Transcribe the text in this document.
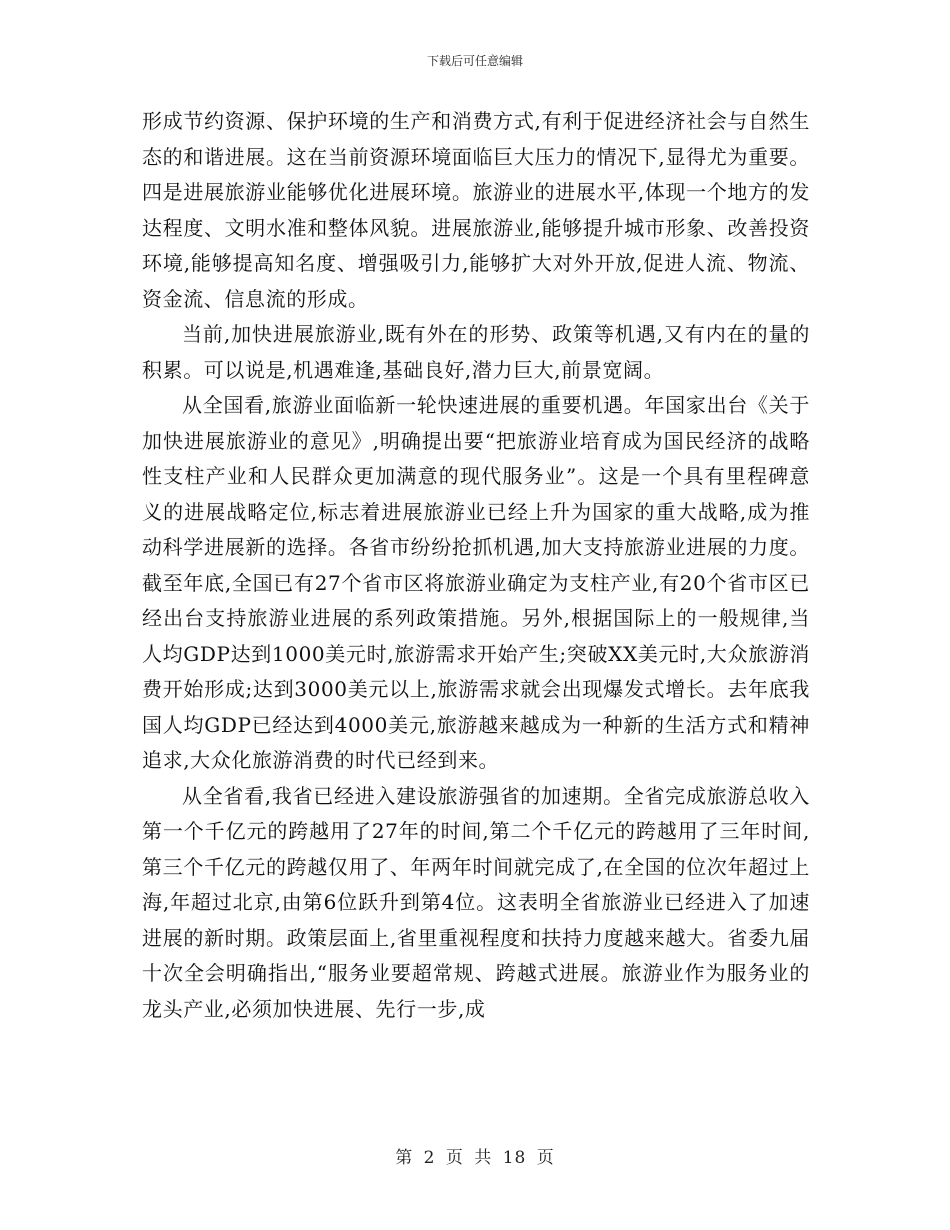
下载后可任意编辑

形成节约资源、保护环境的生产和消费方式,有利于促进经济社会与自然生态的和谐进展。这在当前资源环境面临巨大压力的情况下,显得尤为重要。四是进展旅游业能够优化进展环境。旅游业的进展水平,体现一个地方的发达程度、文明水准和整体风貌。进展旅游业,能够提升城市形象、改善投资环境,能够提高知名度、增强吸引力,能够扩大对外开放,促进人流、物流、资金流、信息流的形成。

当前,加快进展旅游业,既有外在的形势、政策等机遇,又有内在的量的积累。可以说是,机遇难逢,基础良好,潜力巨大,前景宽阔。

从全国看,旅游业面临新一轮快速进展的重要机遇。年国家出台《关于加快进展旅游业的意见》,明确提出要“把旅游业培育成为国民经济的战略性支柱产业和人民群众更加满意的现代服务业”。这是一个具有里程碑意义的进展战略定位,标志着进展旅游业已经上升为国家的重大战略,成为推动科学进展新的选择。各省市纷纷抢抓机遇,加大支持旅游业进展的力度。截至年底,全国已有27个省市区将旅游业确定为支柱产业,有20个省市区已经出台支持旅游业进展的系列政策措施。另外,根据国际上的一般规律,当人均GDP达到1000美元时,旅游需求开始产生;突破XX美元时,大众旅游消费开始形成;达到3000美元以上,旅游需求就会出现爆发式增长。去年底我国人均GDP已经达到4000美元,旅游越来越成为一种新的生活方式和精神追求,大众化旅游消费的时代已经到来。

从全省看,我省已经进入建设旅游强省的加速期。全省完成旅游总收入第一个千亿元的跨越用了27年的时间,第二个千亿元的跨越用了三年时间,第三个千亿元的跨越仅用了、年两年时间就完成了,在全国的位次年超过上海,年超过北京,由第6位跃升到第4位。这表明全省旅游业已经进入了加速进展的新时期。政策层面上,省里重视程度和扶持力度越来越大。省委九届十次全会明确指出,“服务业要超常规、跨越式进展。旅游业作为服务业的龙头产业,必须加快进展、先行一步,成

第 2 页 共 18 页
